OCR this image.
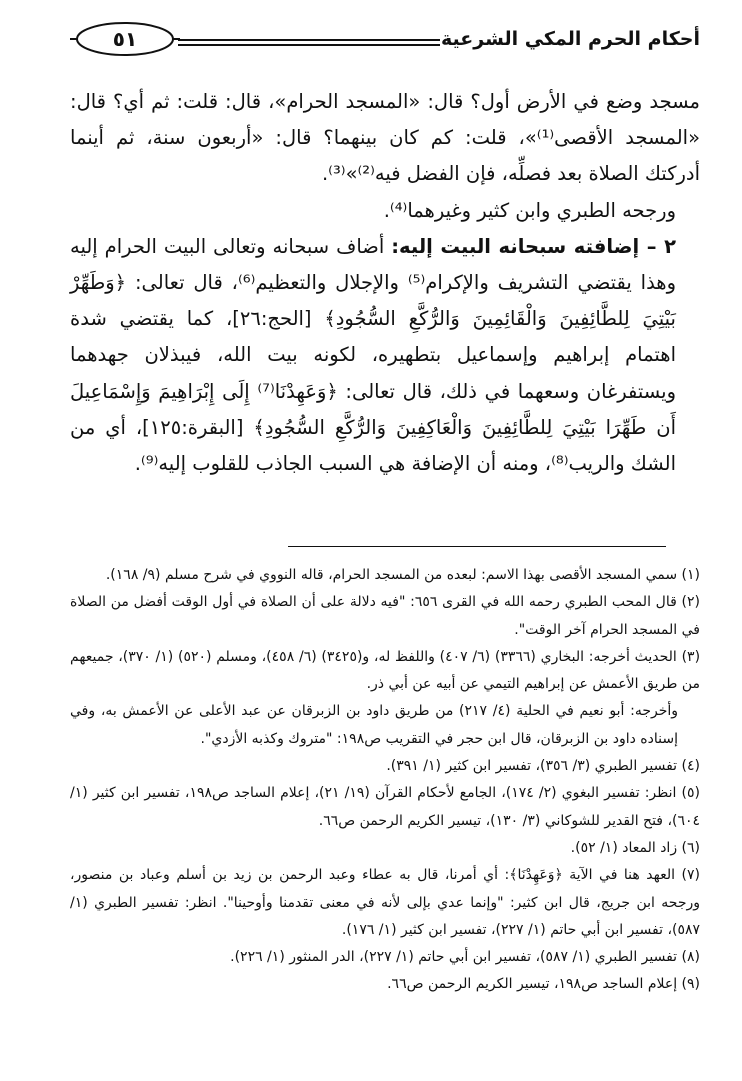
أحكام الحرم المكي الشرعية
٥١

مسجد وضع في الأرض أول؟ قال: «المسجد الحرام»، قال: قلت: ثم أي؟ قال: «المسجد الأقصى⁽¹⁾»، قلت: كم كان بينهما؟ قال: «أربعون سنة، ثم أينما أدركتك الصلاة بعد فصلِّه، فإن الفضل فيه⁽²⁾»⁽³⁾.

ورجحه الطبري وابن كثير وغيرهما⁽⁴⁾.

٢ – إضافته سبحانه البيت إليه: أضاف سبحانه وتعالى البيت الحرام إليه وهذا يقتضي التشريف والإكرام⁽⁵⁾ والإجلال والتعظيم⁽⁶⁾، قال تعالى: ﴿وَطَهِّرْ بَيْتِيَ لِلطَّائِفِينَ وَالْقَائِمِينَ وَالرُّكَّعِ السُّجُودِ﴾ [الحج:٢٦]، كما يقتضي شدة اهتمام إبراهيم وإسماعيل بتطهيره، لكونه بيت الله، فيبذلان جهدهما ويستفرغان وسعهما في ذلك، قال تعالى: ﴿وَعَهِدْنَا⁽⁷⁾ إِلَى إِبْرَاهِيمَ وَإِسْمَاعِيلَ أَن طَهِّرَا بَيْتِيَ لِلطَّائِفِينَ وَالْعَاكِفِينَ وَالرُّكَّعِ السُّجُودِ﴾ [البقرة:١٢٥]، أي من الشك والريب⁽⁸⁾، ومنه أن الإضافة هي السبب الجاذب للقلوب إليه⁽⁹⁾.

(١) سمي المسجد الأقصى بهذا الاسم: لبعده من المسجد الحرام، قاله النووي في شرح مسلم (٩/ ١٦٨).

(٢) قال المحب الطبري رحمه الله في القرى ٦٥٦: "فيه دلالة على أن الصلاة في أول الوقت أفضل من الصلاة في المسجد الحرام آخر الوقت".

(٣) الحديث أخرجه: البخاري (٣٣٦٦) (٦/ ٤٠٧) واللفظ له، و(٣٤٢٥) (٦/ ٤٥٨)، ومسلم (٥٢٠) (١/ ٣٧٠)، جميعهم من طريق الأعمش عن إبراهيم التيمي عن أبيه عن أبي ذر.

وأخرجه: أبو نعيم في الحلية (٤/ ٢١٧) من طريق داود بن الزبرقان عن عبد الأعلى عن الأعمش به، وفي إسناده داود بن الزبرقان، قال ابن حجر في التقريب ص١٩٨: "متروك وكذبه الأزدي".

(٤) تفسير الطبري (٣/ ٣٥٦)، تفسير ابن كثير (١/ ٣٩١).

(٥) انظر: تفسير البغوي (٢/ ١٧٤)، الجامع لأحكام القرآن (١٩/ ٢١)، إعلام الساجد ص١٩٨، تفسير ابن كثير (١/ ٦٠٤)، فتح القدير للشوكاني (٣/ ١٣٠)، تيسير الكريم الرحمن ص٦٦.

(٦) زاد المعاد (١/ ٥٢).

(٧) العهد هنا في الآية ﴿وَعَهِدْنَا﴾: أي أمرنا، قال به عطاء وعبد الرحمن بن زيد بن أسلم وعباد بن منصور، ورجحه ابن جريج، قال ابن كثير: "وإنما عدي بإلى لأنه في معنى تقدمنا وأوحينا". انظر: تفسير الطبري (١/ ٥٨٧)، تفسير ابن أبي حاتم (١/ ٢٢٧)، تفسير ابن كثير (١/ ١٧٦).

(٨) تفسير الطبري (١/ ٥٨٧)، تفسير ابن أبي حاتم (١/ ٢٢٧)، الدر المنثور (١/ ٢٢٦).

(٩) إعلام الساجد ص١٩٨، تيسير الكريم الرحمن ص٦٦.
